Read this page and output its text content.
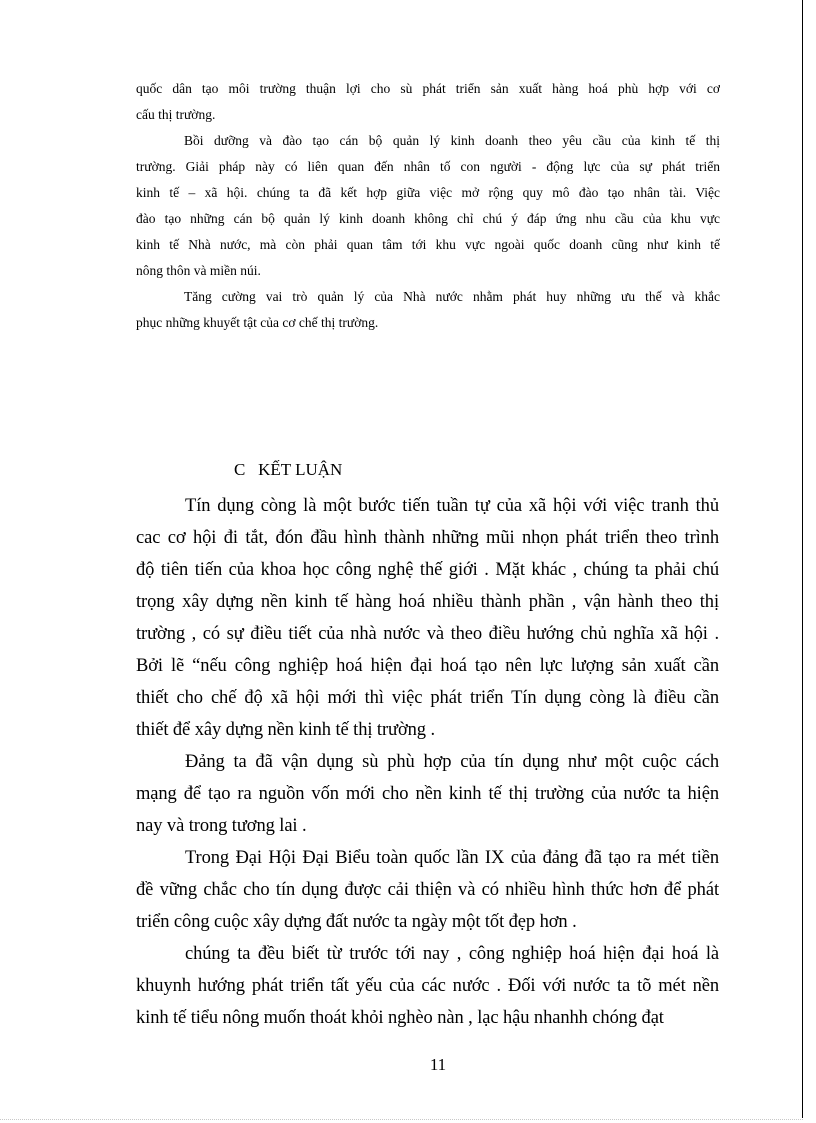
quốc dân tạo môi trường thuận lợi cho sù phát triển sản xuất hàng hoá phù hợp với cơ
cấu thị trường.
Bồi dưỡng và đào tạo cán bộ quản lý kinh doanh theo yêu cầu của kinh tế thị
trường. Giải pháp này có liên quan đến nhân tố con người - động lực của sự phát triển
kinh tế – xã hội. chúng ta đã kết hợp giữa việc mở rộng quy mô đào tạo nhân tài. Việc
đào tạo những cán bộ quản lý kinh doanh không chỉ chú ý đáp ứng nhu cầu của khu vực
kinh tế Nhà nước, mà còn phải quan tâm tới khu vực ngoài quốc doanh cũng như kinh tế
nông thôn và miền núi.
Tăng cường vai trò quản lý của Nhà nước nhằm phát huy những ưu thế và khắc
phục những khuyết tật của cơ chế thị trường.
C   KẾT LUẬN
Tín dụng còng là một bước tiến tuần tự của xã hội với việc tranh thủ
cac cơ hội đi tắt, đón đầu hình thành những mũi nhọn phát triển theo trình
độ tiên tiến của khoa học công nghệ thế giới . Mặt khác , chúng ta phải chú
trọng xây dựng nền kinh tế hàng hoá nhiều thành phần , vận hành theo thị
trường , có sự điều tiết của nhà nước và theo điều hướng chủ nghĩa xã hội .
Bởi lẽ “nếu công nghiệp hoá hiện đại hoá tạo nên lực lượng sản xuất cần
thiết cho chế độ xã hội mới thì việc phát triển Tín dụng còng là điều cần
thiết để xây dựng nền kinh tế thị trường .
Đảng ta đã vận dụng sù phù hợp của tín dụng như một cuộc cách
mạng để tạo ra nguồn vốn mới cho nền kinh tế thị trường của nước ta hiện
nay và trong tương lai .
Trong Đại Hội Đại Biểu toàn quốc lần IX của đảng đã tạo ra mét tiền
đề vững chắc cho tín dụng được cải thiện và có nhiều hình thức hơn để phát
triển công cuộc xây dựng đất nước ta ngày một tốt đẹp hơn .
chúng ta đều biết từ trước tới nay , công nghiệp hoá hiện đại hoá là
khuynh hướng phát triển tất yếu của các nước . Đối với nước ta tõ mét nền
kinh tế tiểu nông muốn thoát khỏi nghèo nàn , lạc hậu nhanhh chóng đạt
11
